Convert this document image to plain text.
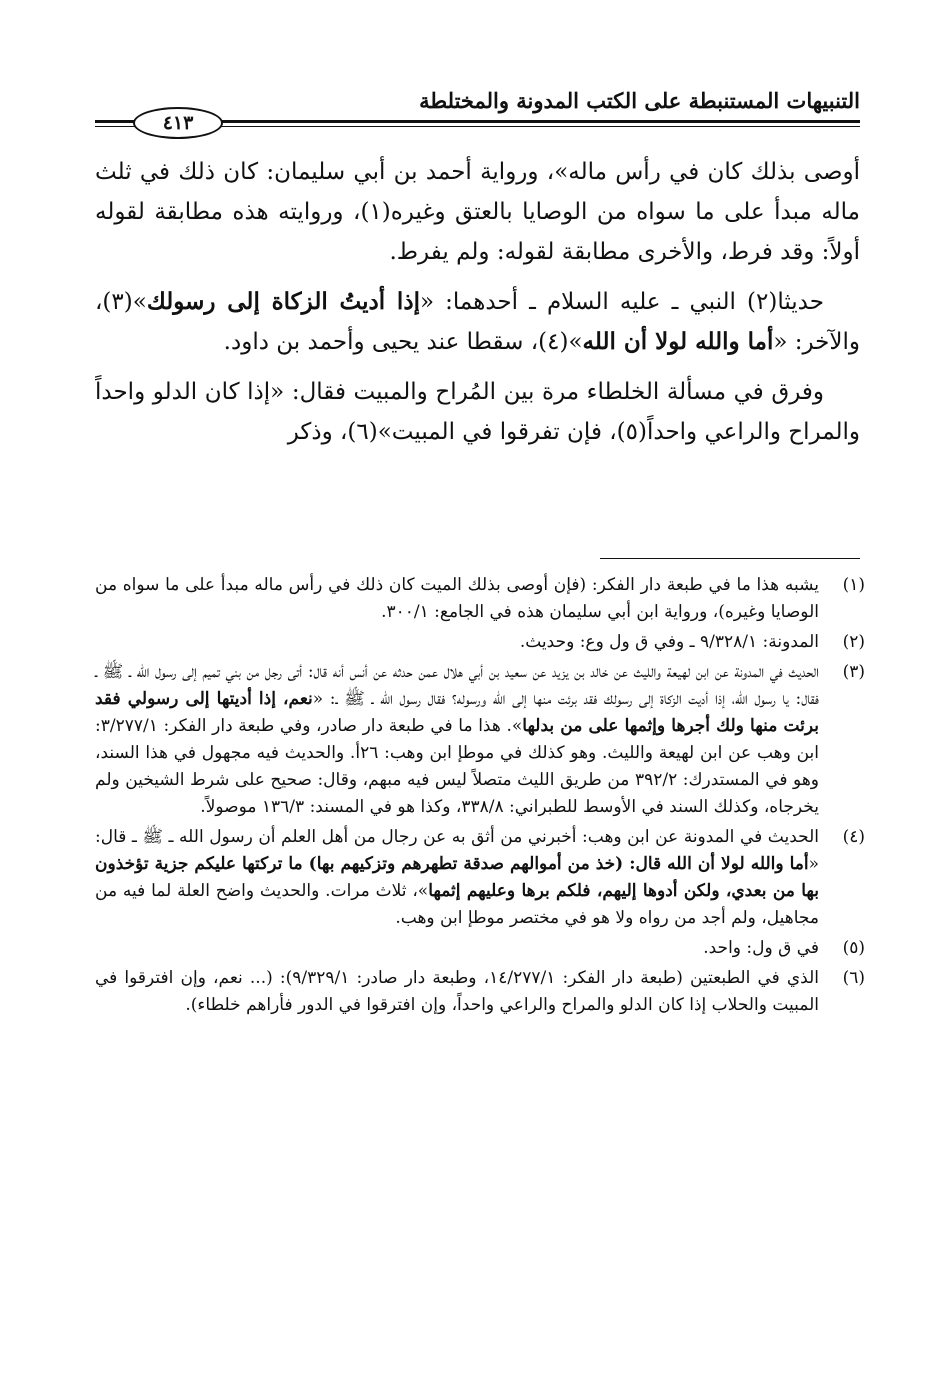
٤١٣
التنبيهات المستنبطة على الكتب المدونة والمختلطة

أوصى بذلك كان في رأس ماله»، ورواية أحمد بن أبي سليمان: كان ذلك في ثلث ماله مبدأ على ما سواه من الوصايا بالعتق وغيره(١)، وروايته هذه مطابقة لقوله أولاً: وقد فرط، والأخرى مطابقة لقوله: ولم يفرط.

حديثا(٢) النبي ـ عليه السلام ـ أحدهما: «إذا أديتُ الزكاة إلى رسولك»(٣)، والآخر: «أما والله لولا أن الله»(٤)، سقطا عند يحيى وأحمد بن داود.

وفرق في مسألة الخلطاء مرة بين المُراح والمبيت فقال: «إذا كان الدلو واحداً والمراح والراعي واحداً(٥)، فإن تفرقوا في المبيت»(٦)، وذكر

(١)
يشبه هذا ما في طبعة دار الفكر: (فإن أوصى بذلك الميت كان ذلك في رأس ماله مبدأ على ما سواه من الوصايا وغيره)، ورواية ابن أبي سليمان هذه في الجامع: ٣٠٠/١.
(٢)
المدونة: ٩/٣٢٨/١ ـ وفي ق ول وع: وحديث.
(٣)
الحديث في المدونة عن ابن لهيعة والليث عن خالد بن يزيد عن سعيد بن أبي هلال عمن حدثه عن أنس أنه قال: أتى رجل من بني تميم إلى رسول الله ـ ﷺ ـ فقال: يا رسول الله، إذا أديت الزكاة إلى رسولك فقد برئت منها إلى الله ورسوله؟ فقال رسول الله ـ ﷺ ـ: «نعم، إذا أديتها إلى رسولي فقد برئت منها ولك أجرها وإثمها على من بدلها». هذا ما في طبعة دار صادر، وفي طبعة دار الفكر: ٣/٢٧٧/١: ابن وهب عن ابن لهيعة والليث. وهو كذلك في موطإ ابن وهب: ٢٦أ. والحديث فيه مجهول في هذا السند، وهو في المستدرك: ٣٩٢/٢ من طريق الليث متصلاً ليس فيه مبهم، وقال: صحيح على شرط الشيخين ولم يخرجاه، وكذلك السند في الأوسط للطبراني: ٣٣٨/٨، وكذا هو في المسند: ١٣٦/٣ موصولاً.
(٤)
الحديث في المدونة عن ابن وهب: أخبرني من أثق به عن رجال من أهل العلم أن رسول الله ـ ﷺ ـ قال: «أما والله لولا أن الله قال: (خذ من أموالهم صدقة تطهرهم وتزكيهم بها) ما تركتها عليكم جزية تؤخذون بها من بعدي، ولكن أدوها إليهم، فلكم برها وعليهم إثمها»، ثلاث مرات. والحديث واضح العلة لما فيه من مجاهيل، ولم أجد من رواه ولا هو في مختصر موطإ ابن وهب.
(٥)
في ق ول: واحد.
(٦)
الذي في الطبعتين (طبعة دار الفكر: ١٤/٢٧٧/١، وطبعة دار صادر: ٩/٣٢٩/١): (... نعم، وإن افترقوا في المبيت والحلاب إذا كان الدلو والمراح والراعي واحداً، وإن افترقوا في الدور فأراهم خلطاء).
